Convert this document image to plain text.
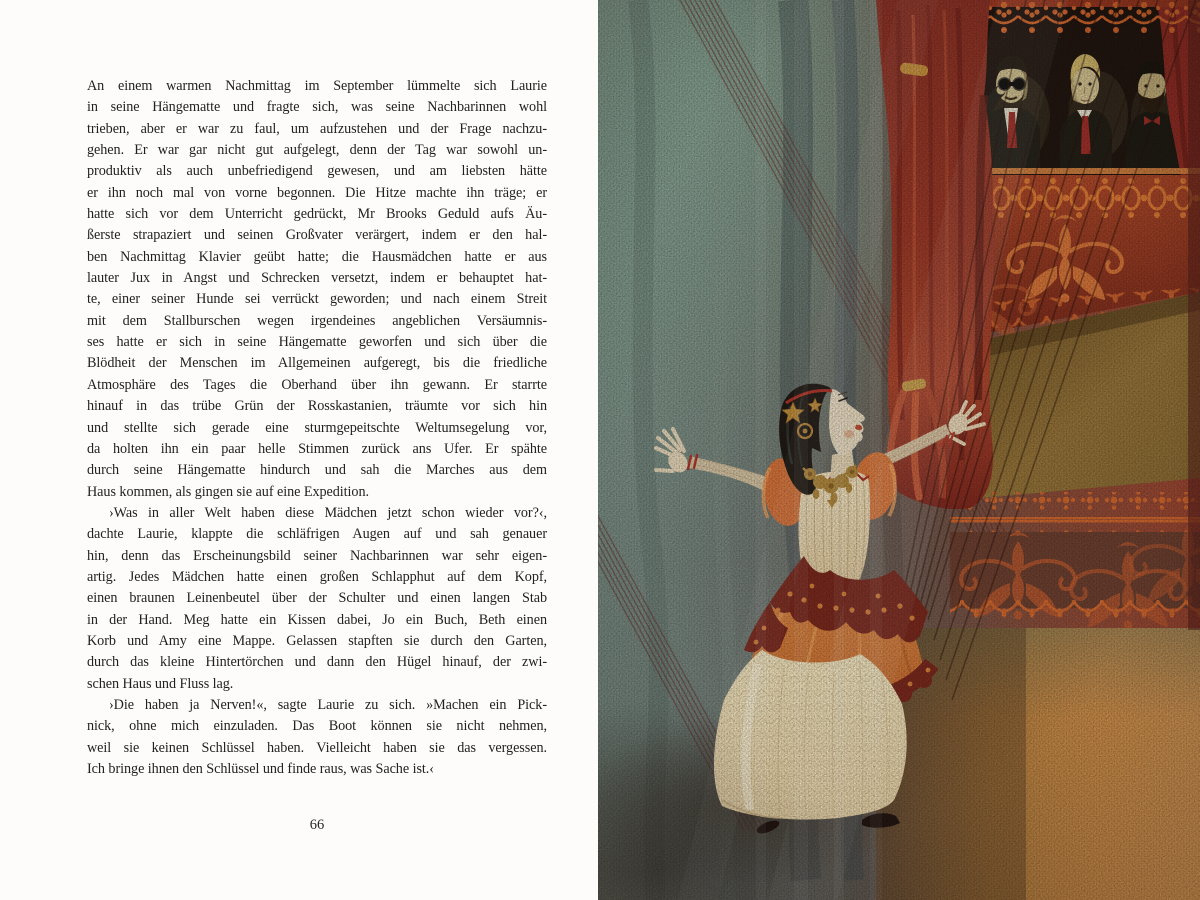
An einem warmen Nachmittag im September lümmelte sich Laurie
in seine Hängematte und fragte sich, was seine Nachbarinnen wohl
trieben, aber er war zu faul, um aufzustehen und der Frage nachzu-
gehen. Er war gar nicht gut aufgelegt, denn der Tag war sowohl un-
produktiv als auch unbefriedigend gewesen, und am liebsten hätte
er ihn noch mal von vorne begonnen. Die Hitze machte ihn träge; er
hatte sich vor dem Unterricht gedrückt, Mr Brooks Geduld aufs Äu-
ßerste strapaziert und seinen Großvater verärgert, indem er den hal-
ben Nachmittag Klavier geübt hatte; die Hausmädchen hatte er aus
lauter Jux in Angst und Schrecken versetzt, indem er behauptet hat-
te, einer seiner Hunde sei verrückt geworden; und nach einem Streit
mit dem Stallburschen wegen irgendeines angeblichen Versäumnis-
ses hatte er sich in seine Hängematte geworfen und sich über die
Blödheit der Menschen im Allgemeinen aufgeregt, bis die friedliche
Atmosphäre des Tages die Oberhand über ihn gewann. Er starrte
hinauf in das trübe Grün der Rosskastanien, träumte vor sich hin
und stellte sich gerade eine sturmgepeitschte Weltumsegelung vor,
da holten ihn ein paar helle Stimmen zurück ans Ufer. Er spähte
durch seine Hängematte hindurch und sah die Marches aus dem
Haus kommen, als gingen sie auf eine Expedition.
›Was in aller Welt haben diese Mädchen jetzt schon wieder vor?‹,
dachte Laurie, klappte die schläfrigen Augen auf und sah genauer
hin, denn das Erscheinungsbild seiner Nachbarinnen war sehr eigen-
artig. Jedes Mädchen hatte einen großen Schlapphut auf dem Kopf,
einen braunen Leinenbeutel über der Schulter und einen langen Stab
in der Hand. Meg hatte ein Kissen dabei, Jo ein Buch, Beth einen
Korb und Amy eine Mappe. Gelassen stapften sie durch den Garten,
durch das kleine Hintertörchen und dann den Hügel hinauf, der zwi-
schen Haus und Fluss lag.
›Die haben ja Nerven!«, sagte Laurie zu sich. »Machen ein Pick-
nick, ohne mich einzuladen. Das Boot können sie nicht nehmen,
weil sie keinen Schlüssel haben. Vielleicht haben sie das vergessen.
Ich bringe ihnen den Schlüssel und finde raus, was Sache ist.‹
66
